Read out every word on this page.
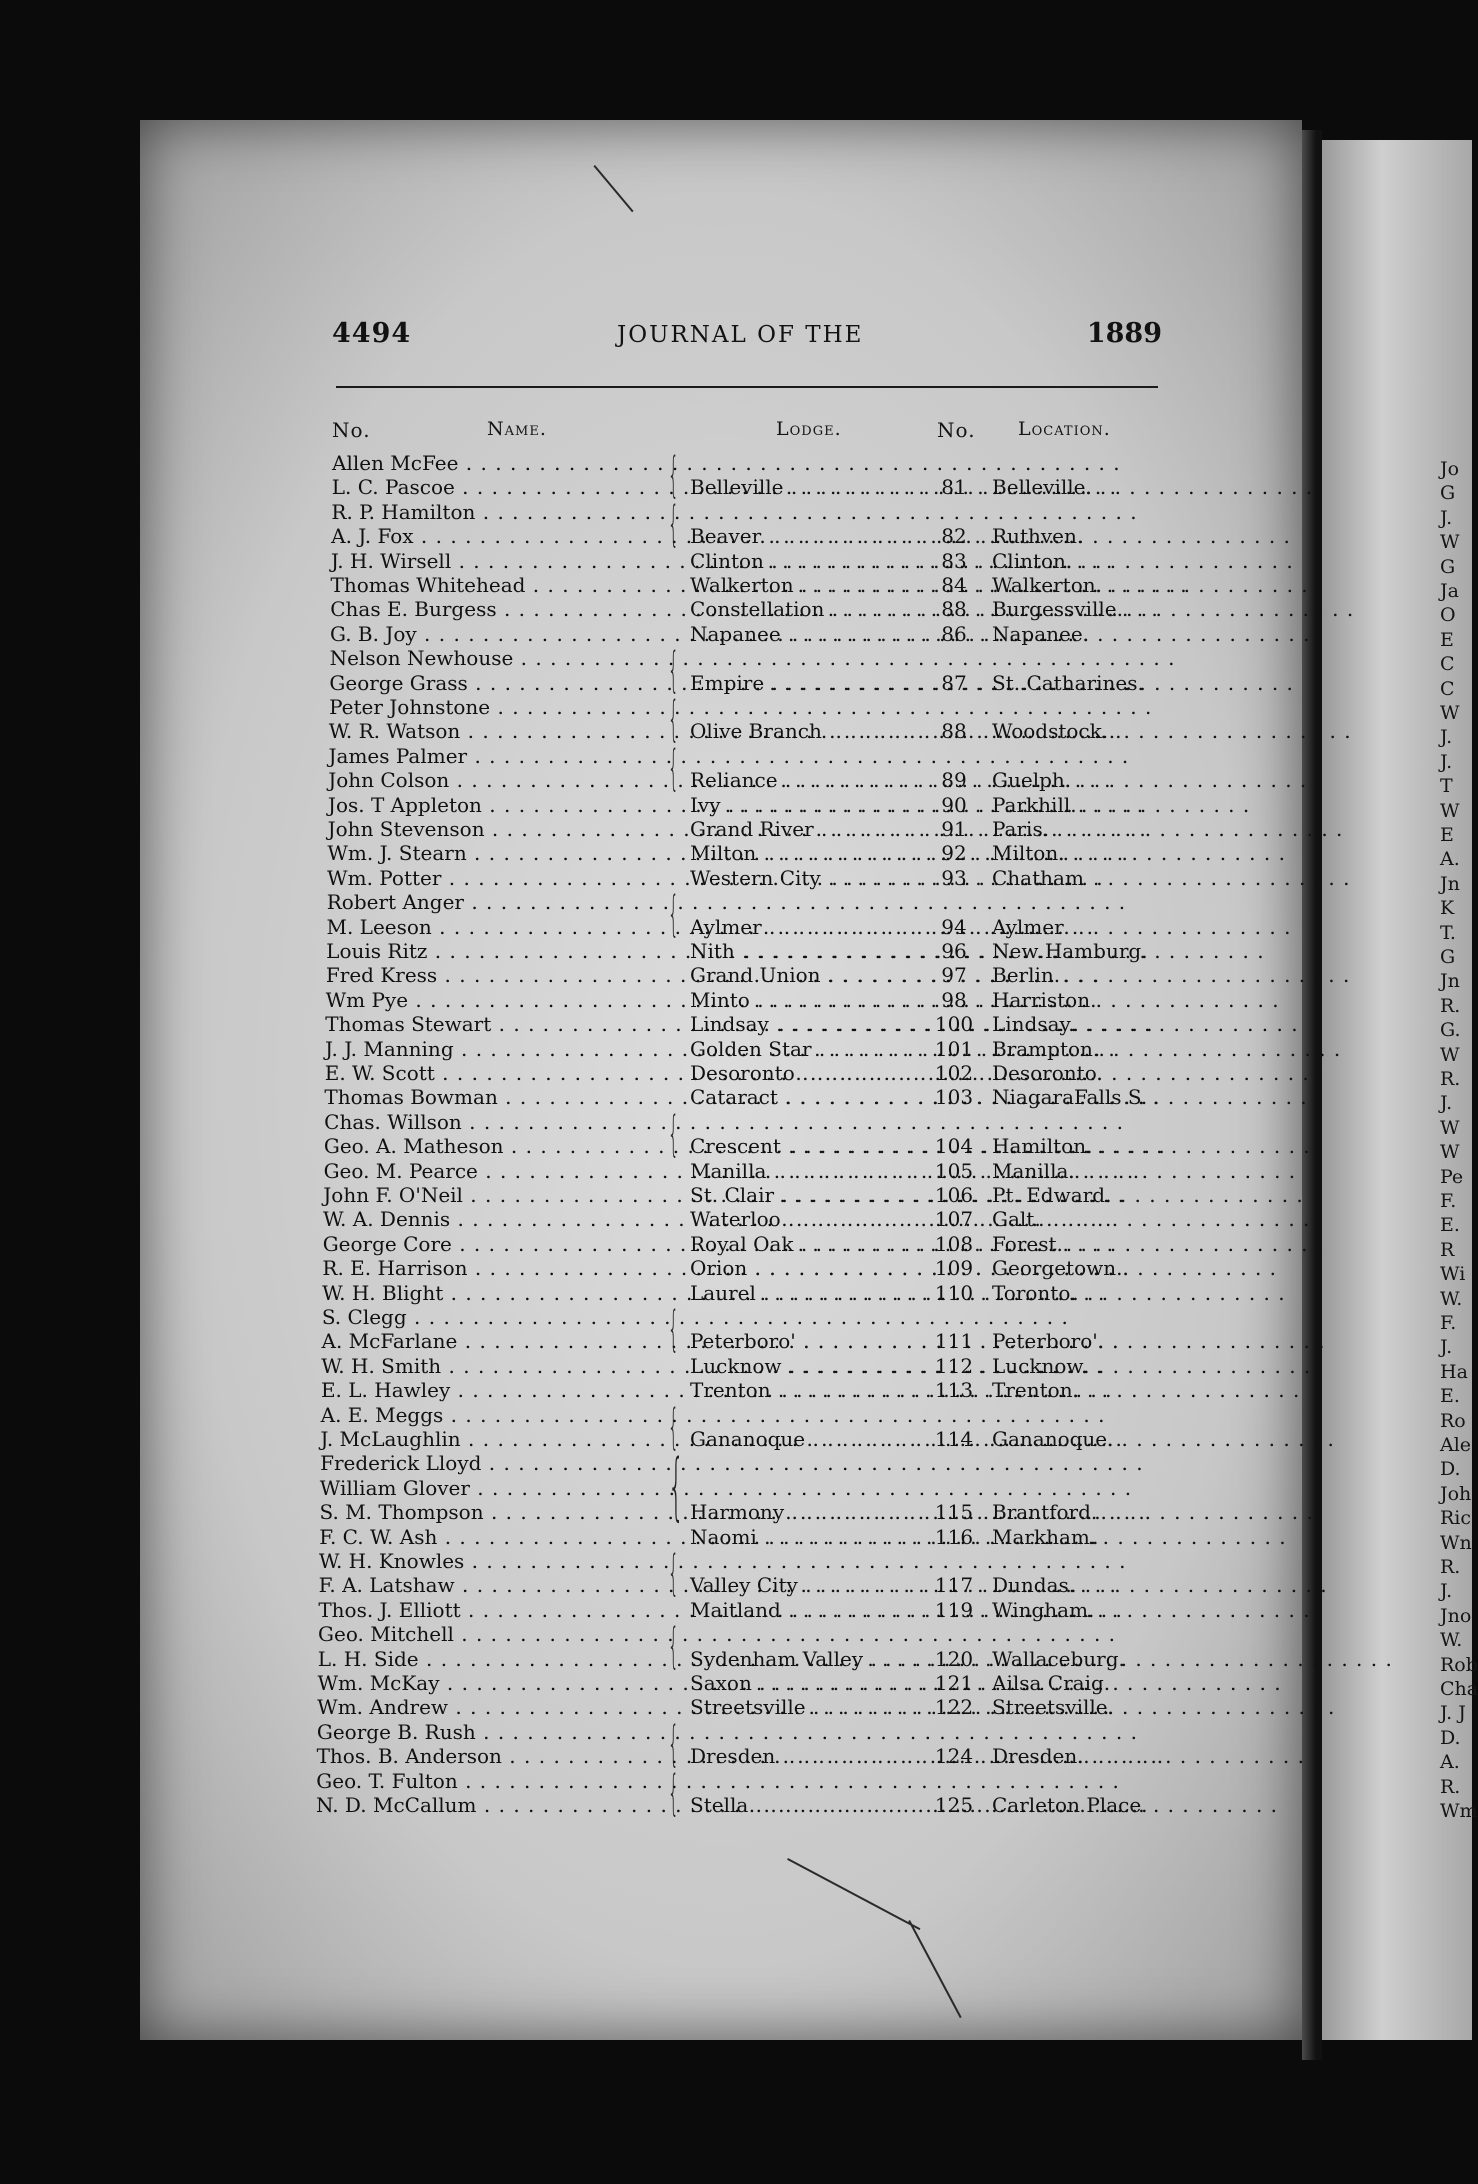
Jo
G
J.
W
G
Ja
O
E
C
C
W
J.
J.
T
W
E
A.
Jn
K
T.
G
Jn
R.
G.
W
R.
J.
W
W
Pe
F.
E.
R
Wi
W.
F.
J.
Ha
E.
Ro
Ale
D.
Joh
Ric
Wn
R.
J.
Jno
W.
Rob
Cha
J. J
D.
A.
R.
Wm
4494	JOURNAL OF THE	1889
No.	Name.	Lodge.	No. Location.
Allen McFee . . .
L. C. Pascoe . . .	Belleville . . .	81	Belleville.
R. P. Hamilton . . .
A. J. Fox . . .	Beaver . . .	82	Ruthven.
J. H. Wirsell . . .	Clinton . . .	83	Clinton.
Thomas Whitehead . . .	Walkerton . . .	84	Walkerton.
Chas E. Burgess . . .	Constellation . . .	88	Burgessville.
G. B. Joy . . .	Napanee . . .	86	Napanee.
Nelson Newhouse . . .
George Grass . . .	Empire . . .	87	St. Catharines.
Peter Johnstone . . .
W. R. Watson . . .	Olive Branch . . .	88	Woodstock.
James Palmer . . .
John Colson . . .	Reliance . . .	89	Guelph.
Jos. T Appleton . . .	Ivy . . .	90	Parkhill.
John Stevenson . . .	Grand River . . .	91	Paris.
Wm. J. Stearn . . .	Milton . . .	92	Milton.
Wm. Potter . . .	Western City . . .	93	Chatham
Robert Anger . . .
M. Leeson . . .	Aylmer . . .	94	Aylmer
Louis Ritz . . .	Nith . . .	96	New Hamburg.
Fred Kress . . .	Grand Union . . .	97	Berlin.
Wm Pye . . .	Minto . . .	98	Harriston.
Thomas Stewart . . .	Lindsay . . .	100 Lindsay.
J. J. Manning . . .	Golden Star . . .	101 Brampton.
E. W. Scott . . .	Desoronto . . .	102 Desoronto.
Thomas Bowman . . .	Cataract . . .	103 NiagaraFalls S.
Chas. Willson . . .
Geo. A. Matheson . . .	Crescent . . .	104 Hamilton.
Geo. M. Pearce . . .	Manilla . . .	105 Manilla.
John F. O'Neil . . .	St. Clair . . .	106 Pt. Edward.
W. A. Dennis . . .	Waterloo . . .	107 Galt.
George Core . . .	Royal Oak . . .	108 Forest.
R. E. Harrison . . .	Orion . . .	109 Georgetown.
W. H. Blight . . .	Laurel . . .	110 Toronto.
S. Clegg . . .
A. McFarlane . . .	Peterboro' . . .	111 Peterboro'.
W. H. Smith . . .	Lucknow . . .	112 Lucknow.
E. L. Hawley . . .	Trenton . . .	113 Trenton.
A. E. Meggs . . .
J. McLaughlin . . .	Gananoque . . .	114 Gananoque.
Frederick Lloyd . . .
William Glover . . .
S. M. Thompson . . .	Harmony . . .	115 Brantford.
F. C. W. Ash . . .	Naomi . . .	116 Markham.
W. H. Knowles . . .
F. A. Latshaw . . .	Valley City . . .	117 Dundas.
Thos. J. Elliott . . .	Maitland . . .	119 Wingham.
Geo. Mitchell . . .
L. H. Side . . .	Sydenham Valley . . .	120 Wallaceburg.
Wm. McKay . . .	Saxon . . .	121 Ailsa Craig.
Wm. Andrew . . .	Streetsville . . .	122 Streetsville.
George B. Rush . . .
Thos. B. Anderson . . .	Dresden . . .	124 Dresden.
Geo. T. Fulton . . .
N. D. McCallum . . .	Stella . . .	125 Carleton Place.
{
{
{
{
{
{
{
{
{
{
{
{
{
{
